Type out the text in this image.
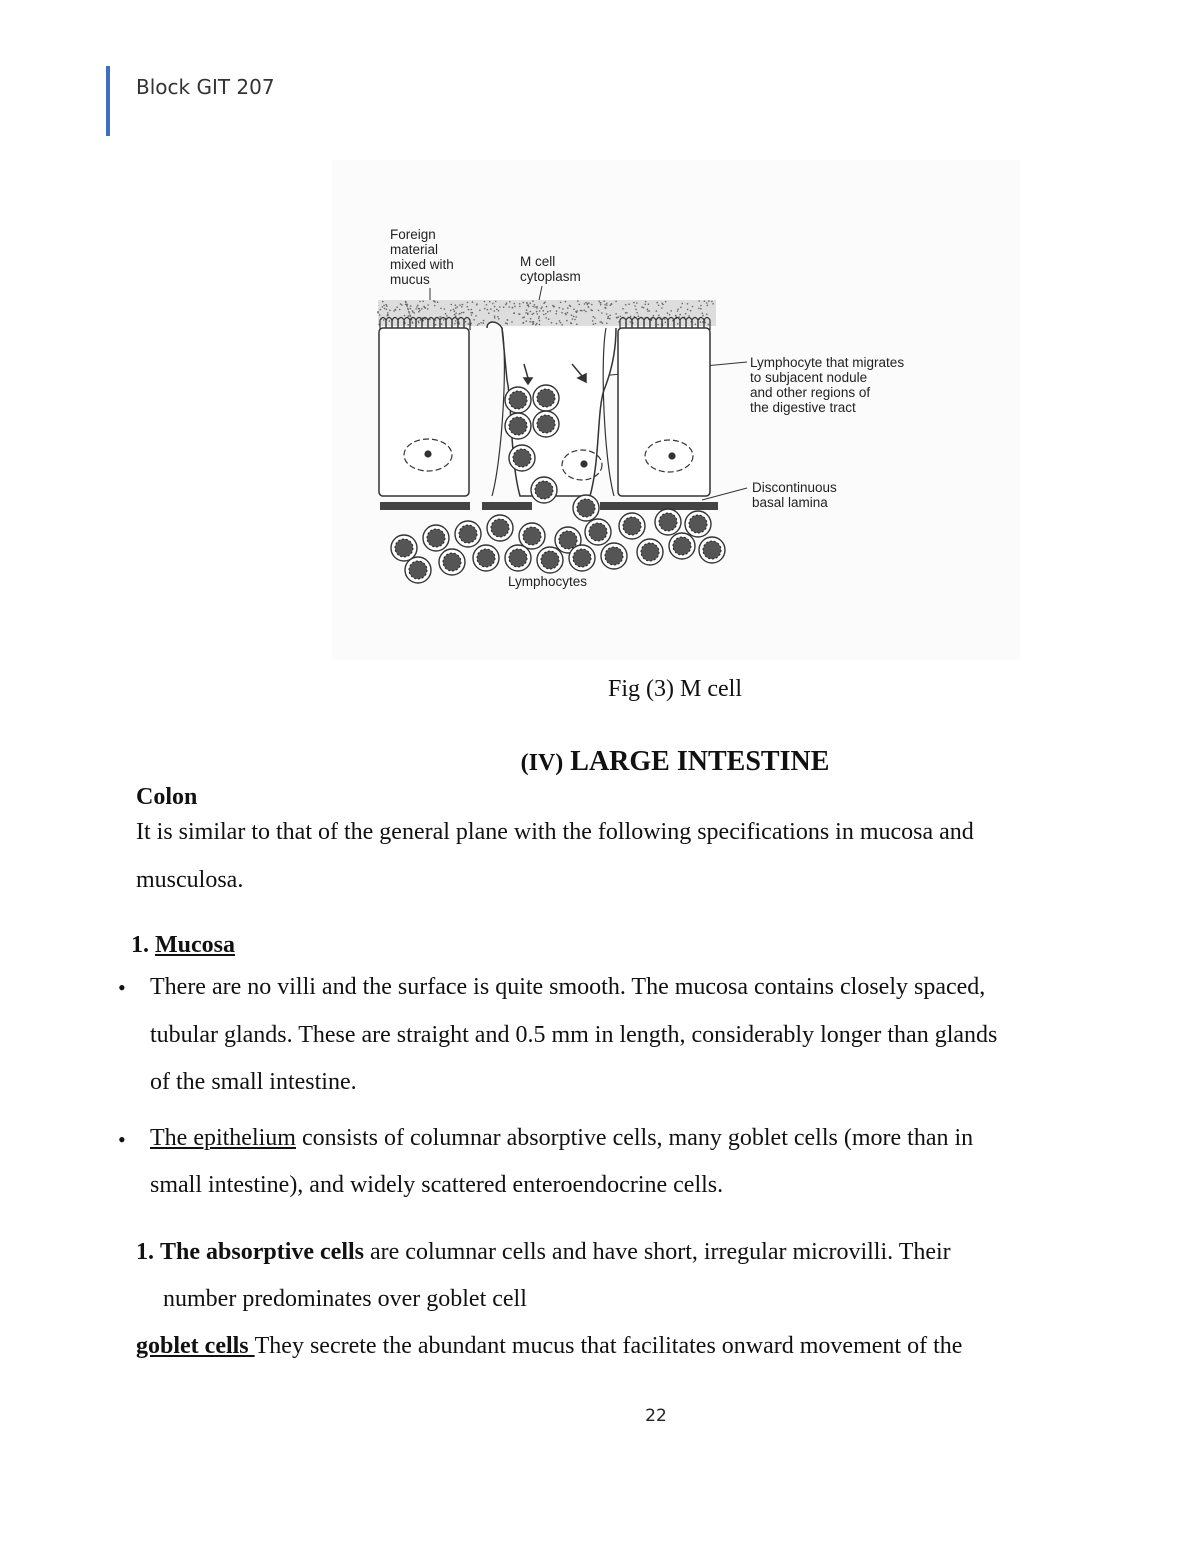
Block GIT 207
Foreign
material
mixed with
mucus
M cell
cytoplasm
Lymphocyte that migrates
to subjacent nodule
and other regions of
the digestive tract
Discontinuous
basal lamina
Lymphocytes
Fig (3) M cell
(IV) LARGE INTESTINE
Colon
It is similar to that of the general plane with the following specifications in mucosa and
musculosa.
1. Mucosa
• There are no villi and the surface is quite smooth. The mucosa contains closely spaced,
tubular glands. These are straight and 0.5 mm in length, considerably longer than glands
of the small intestine.
• The epithelium consists of columnar absorptive cells, many goblet cells (more than in
small intestine), and widely scattered enteroendocrine cells.
1. The absorptive cells are columnar cells and have short, irregular microvilli. Their
number predominates over goblet cell
goblet cells They secrete the abundant mucus that facilitates onward movement of the
22
